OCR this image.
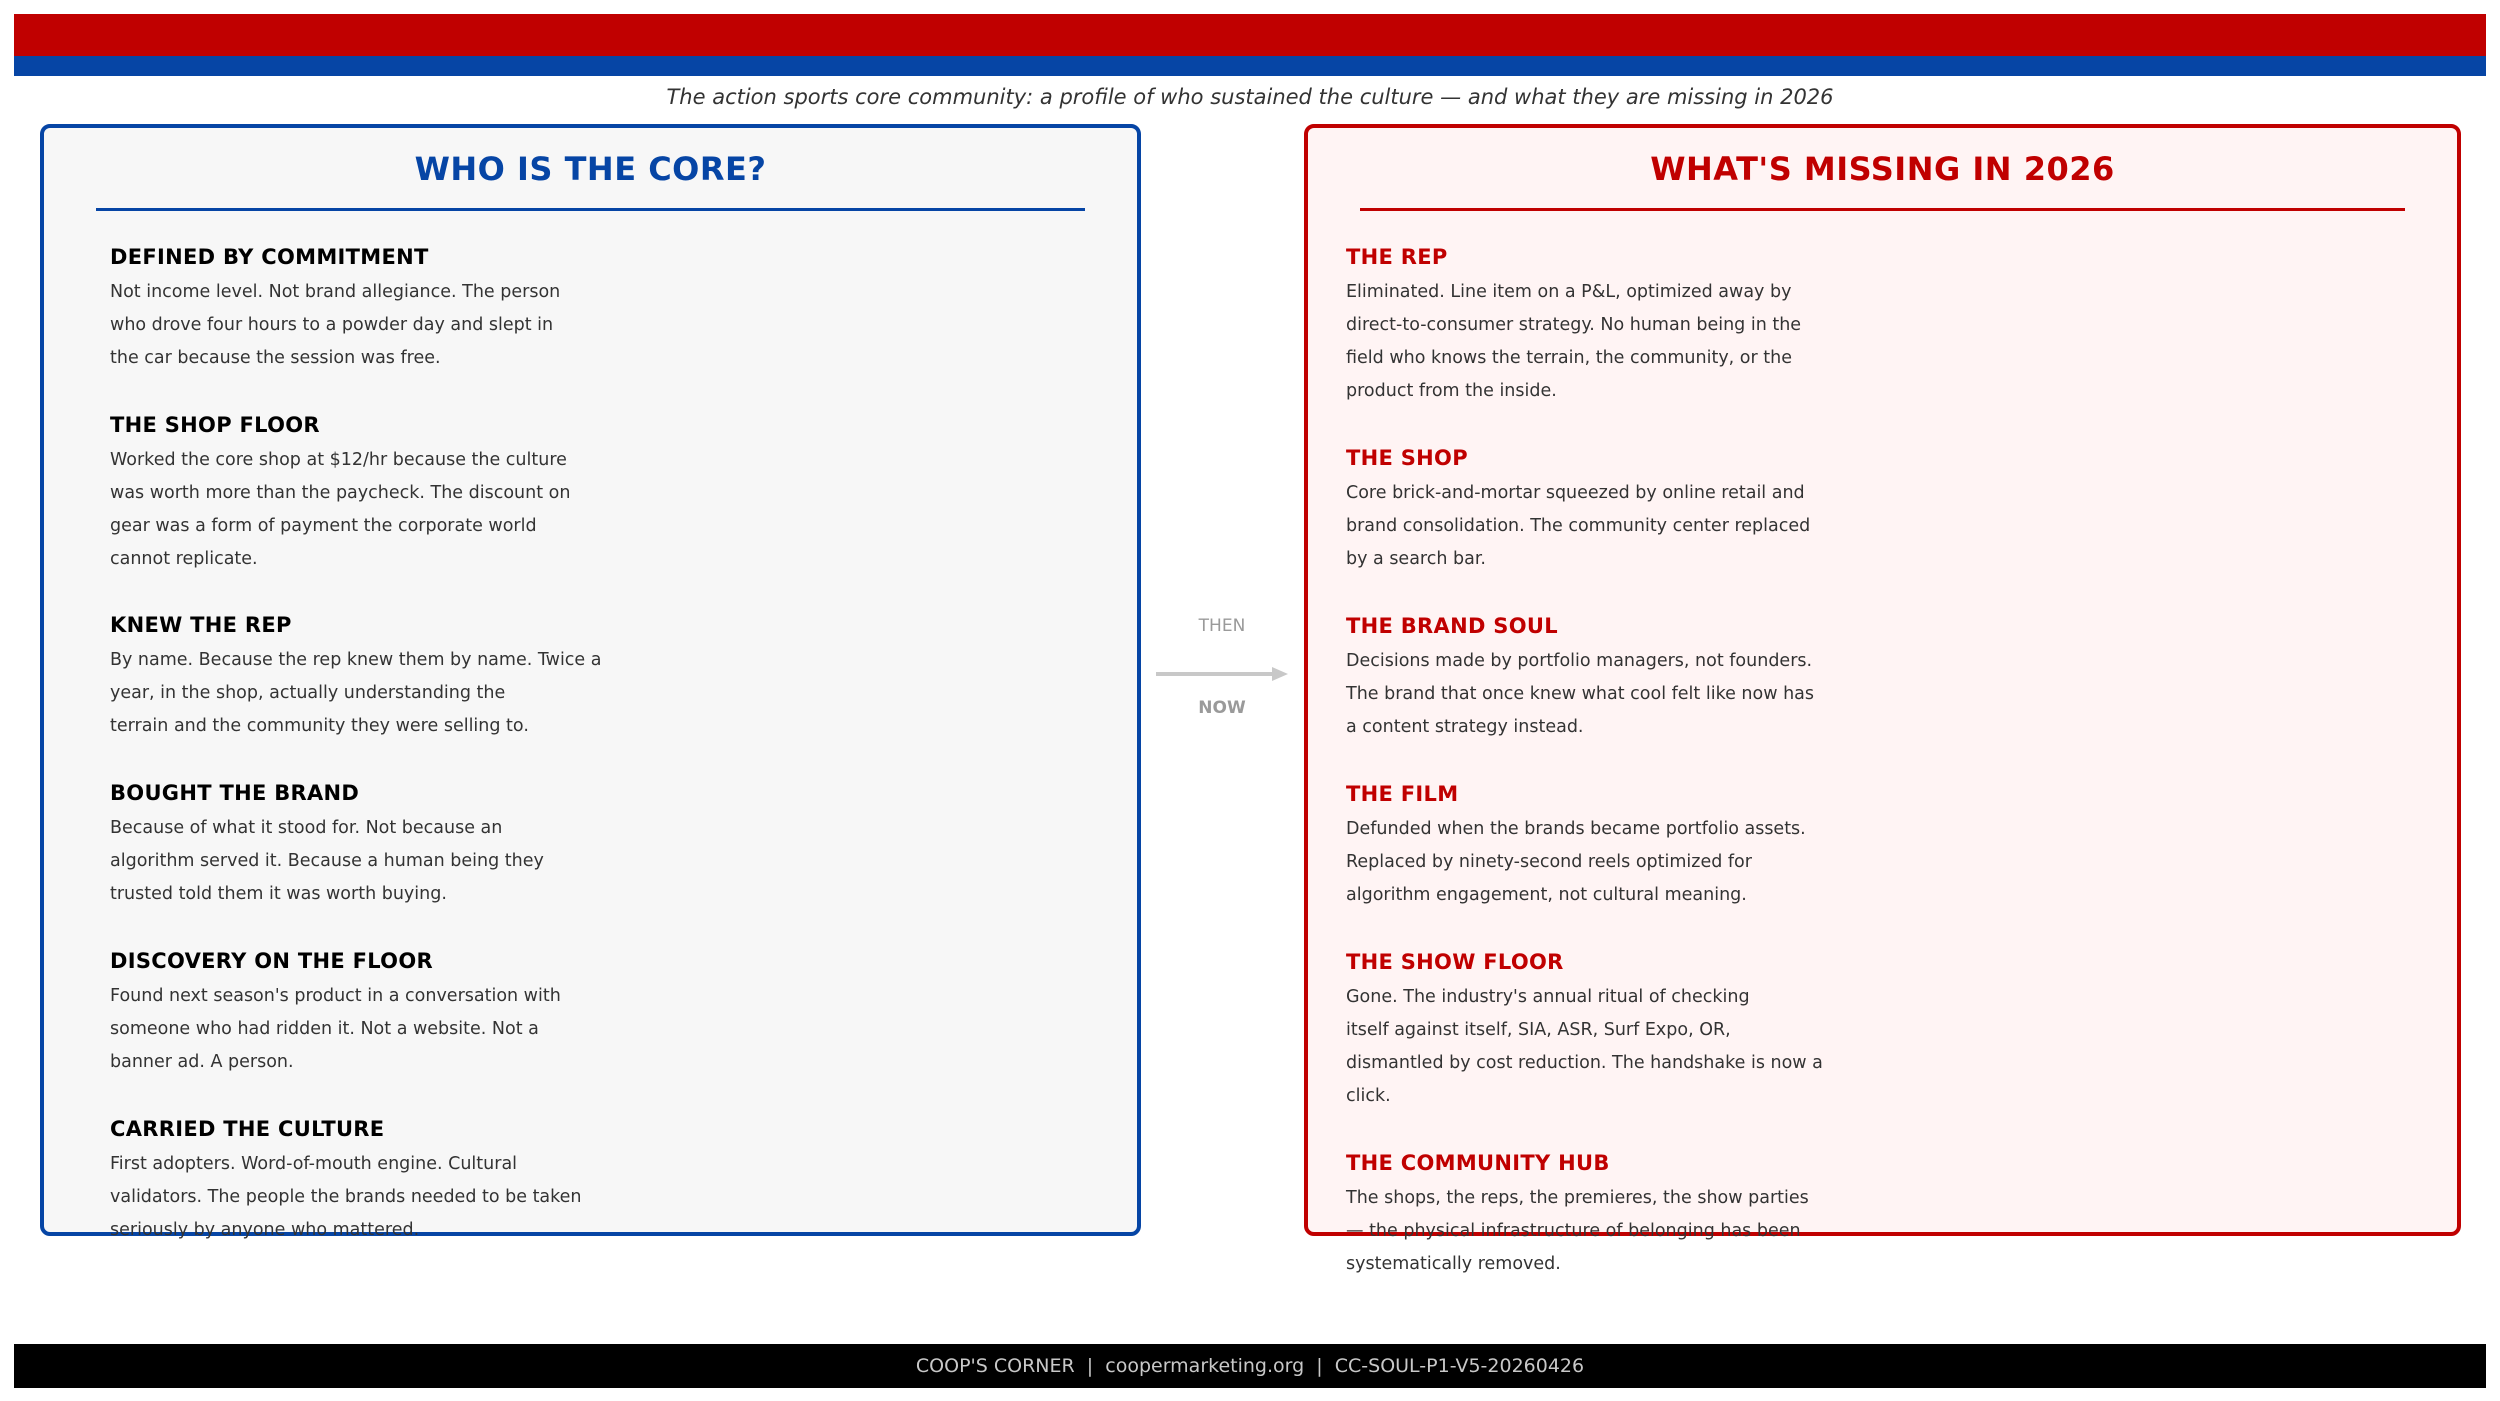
The action sports core community: a profile of who sustained the culture — and what they are missing in 2026
WHO IS THE CORE?	WHAT'S MISSING IN 2026
DEFINED BY COMMITMENT
Not income level. Not brand allegiance. The person
who drove four hours to a powder day and slept in
the car because the session was free.
THE SHOP FLOOR
Worked the core shop at $12/hr because the culture
was worth more than the paycheck. The discount on
gear was a form of payment the corporate world
cannot replicate.
KNEW THE REP
By name. Because the rep knew them by name. Twice a
year, in the shop, actually understanding the
terrain and the community they were selling to.
BOUGHT THE BRAND
Because of what it stood for. Not because an
algorithm served it. Because a human being they
trusted told them it was worth buying.
DISCOVERY ON THE FLOOR
Found next season's product in a conversation with
someone who had ridden it. Not a website. Not a
banner ad. A person.
CARRIED THE CULTURE
First adopters. Word-of-mouth engine. Cultural
validators. The people the brands needed to be taken
seriously by anyone who mattered.
THEN
NOW
THE REP
Eliminated. Line item on a P&L, optimized away by
direct-to-consumer strategy. No human being in the
field who knows the terrain, the community, or the
product from the inside.
THE SHOP
Core brick-and-mortar squeezed by online retail and
brand consolidation. The community center replaced
by a search bar.
THE BRAND SOUL
Decisions made by portfolio managers, not founders.
The brand that once knew what cool felt like now has
a content strategy instead.
THE FILM
Defunded when the brands became portfolio assets.
Replaced by ninety-second reels optimized for
algorithm engagement, not cultural meaning.
THE SHOW FLOOR
Gone. The industry's annual ritual of checking
itself against itself, SIA, ASR, Surf Expo, OR,
dismantled by cost reduction. The handshake is now a
click.
THE COMMUNITY HUB
The shops, the reps, the premieres, the show parties
— the physical infrastructure of belonging has been
systematically removed.
COOP'S CORNER  |  coopermarketing.org  |  CC-SOUL-P1-V5-20260426
